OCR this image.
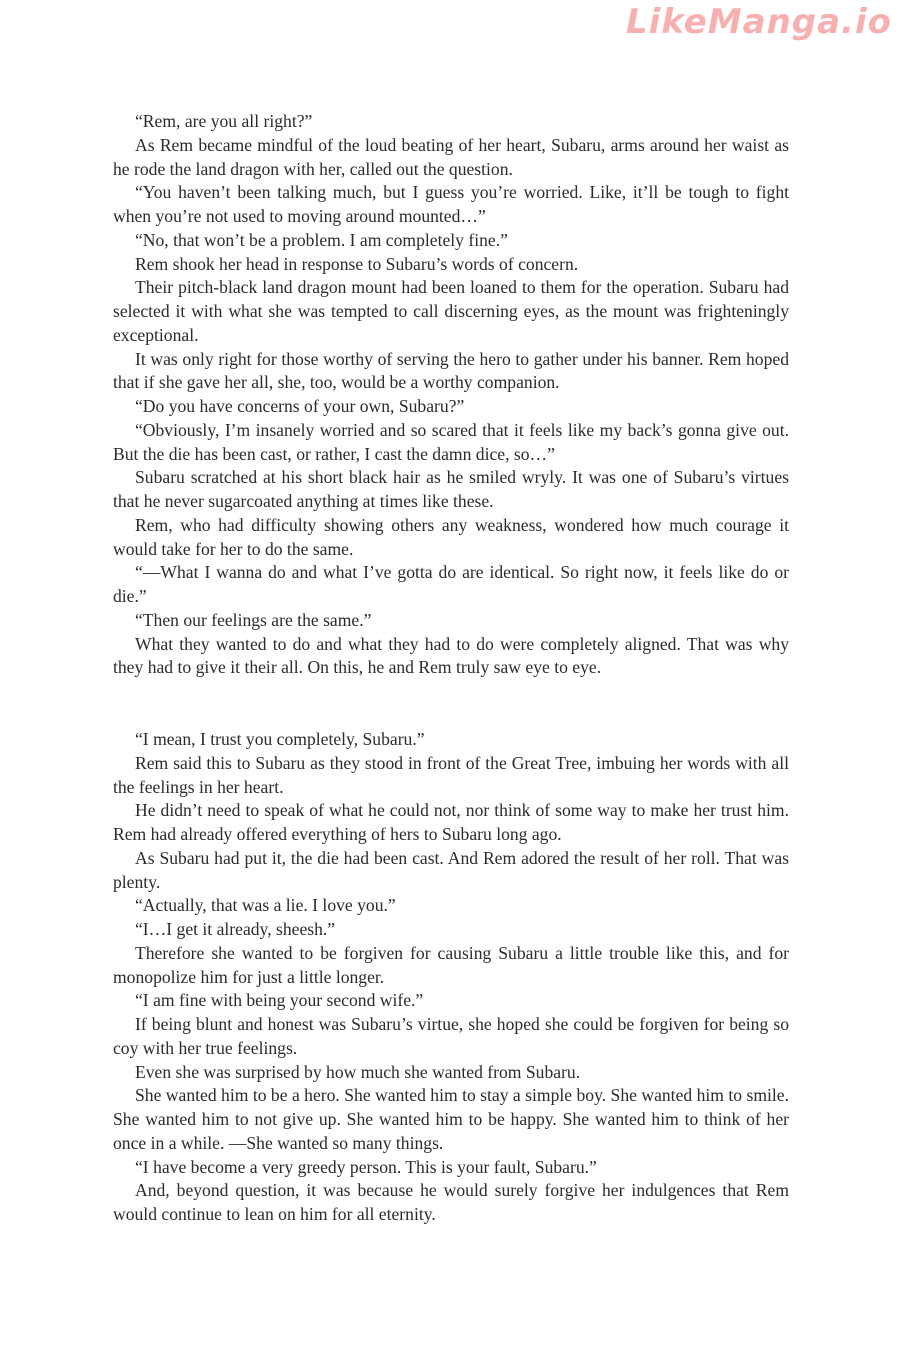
LikeManga.io

“Rem, are you all right?”

As Rem became mindful of the loud beating of her heart, Subaru, arms around her waist as he rode the land dragon with her, called out the question.

“You haven’t been talking much, but I guess you’re worried. Like, it’ll be tough to fight when you’re not used to moving around mounted…”

“No, that won’t be a problem. I am completely fine.”

Rem shook her head in response to Subaru’s words of concern.

Their pitch-black land dragon mount had been loaned to them for the operation. Subaru had selected it with what she was tempted to call discerning eyes, as the mount was frighteningly exceptional.

It was only right for those worthy of serving the hero to gather under his banner. Rem hoped that if she gave her all, she, too, would be a worthy companion.

“Do you have concerns of your own, Subaru?”

“Obviously, I’m insanely worried and so scared that it feels like my back’s gonna give out. But the die has been cast, or rather, I cast the damn dice, so…”

Subaru scratched at his short black hair as he smiled wryly. It was one of Subaru’s virtues that he never sugarcoated anything at times like these.

Rem, who had difficulty showing others any weakness, wondered how much courage it would take for her to do the same.

“—What I wanna do and what I’ve gotta do are identical. So right now, it feels like do or die.”

“Then our feelings are the same.”

What they wanted to do and what they had to do were completely aligned. That was why they had to give it their all. On this, he and Rem truly saw eye to eye.

“I mean, I trust you completely, Subaru.”

Rem said this to Subaru as they stood in front of the Great Tree, imbuing her words with all the feelings in her heart.

He didn’t need to speak of what he could not, nor think of some way to make her trust him. Rem had already offered everything of hers to Subaru long ago.

As Subaru had put it, the die had been cast. And Rem adored the result of her roll. That was plenty.

“Actually, that was a lie. I love you.”

“I…I get it already, sheesh.”

Therefore she wanted to be forgiven for causing Subaru a little trouble like this, and for monopolize him for just a little longer.

“I am fine with being your second wife.”

If being blunt and honest was Subaru’s virtue, she hoped she could be forgiven for being so coy with her true feelings.

Even she was surprised by how much she wanted from Subaru.

She wanted him to be a hero. She wanted him to stay a simple boy. She wanted him to smile. She wanted him to not give up. She wanted him to be happy. She wanted him to think of her once in a while. —She wanted so many things.

“I have become a very greedy person. This is your fault, Subaru.”

And, beyond question, it was because he would surely forgive her indulgences that Rem would continue to lean on him for all eternity.
